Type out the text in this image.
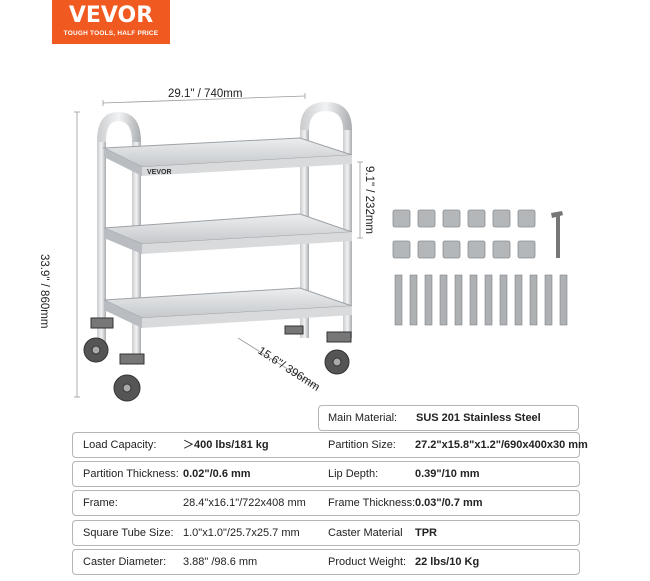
VEVOR
TOUGH TOOLS, HALF PRICE
VEVOR
29.1" / 740mm
33.9" / 860mm
9.1" / 232mm
15.6"/ 396mm
Main Material: SUS 201 Stainless Steel
Load Capacity: ＞400 lbs/181 kg	Partition Size: 27.2"x15.8"x1.2"/690x400x30 mm
Partition Thickness: 0.02"/0.6 mm	Lip Depth:	0.39"/10 mm
Frame:	28.4"x16.1"/722x408 mm Frame Thickness: 0.03"/0.7 mm
Square Tube Size: 1.0"x1.0"/25.7x25.7 mm	Caster Material TPR
Caster Diameter: 3.88" /98.6 mm	Product Weight: 22 lbs/10 Kg
